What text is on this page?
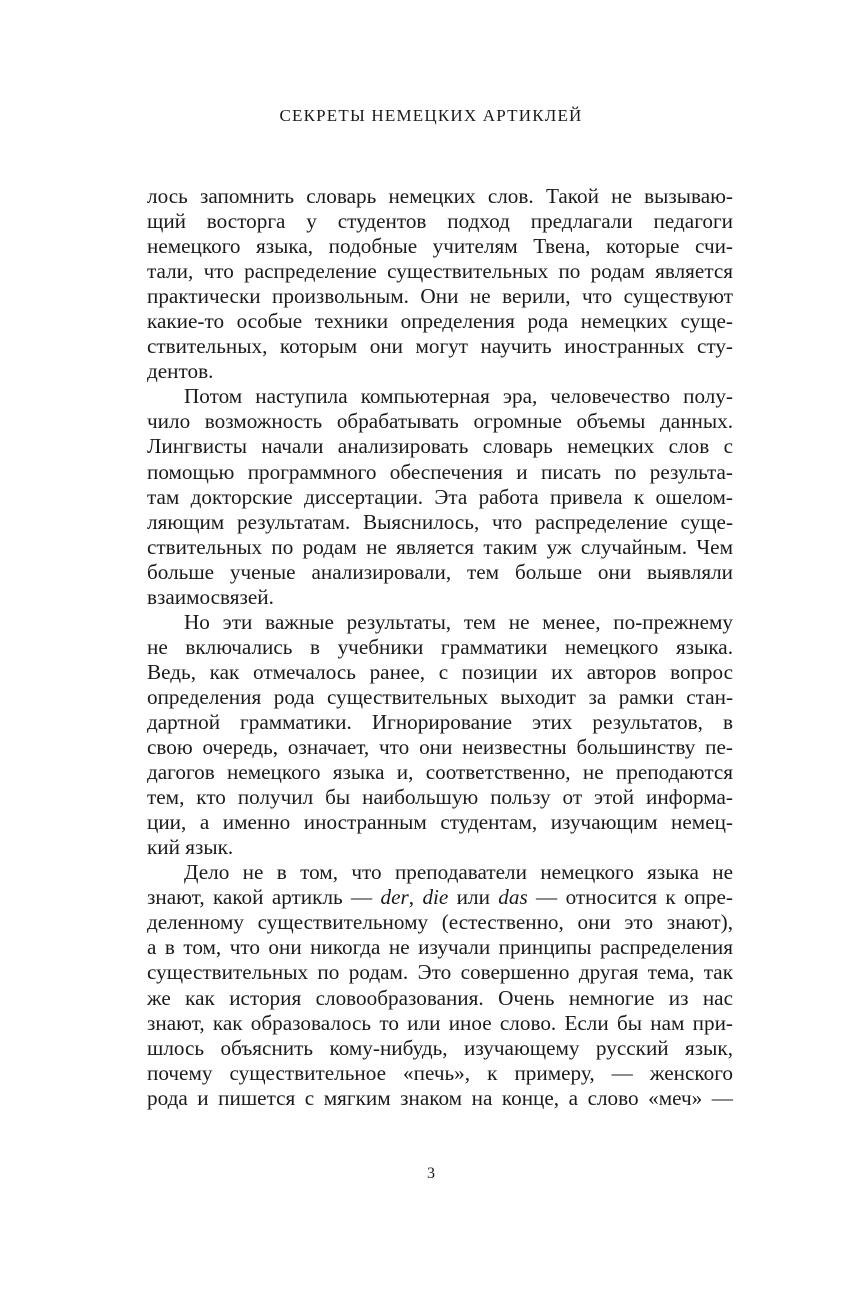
СЕКРЕТЫ НЕМЕЦКИХ АРТИКЛЕЙ
лось запомнить словарь немецких слов. Такой не вызываю-
щий восторга у студентов подход предлагали педагоги
немецкого языка, подобные учителям Твена, которые счи-
тали, что распределение существительных по родам является
практически произвольным. Они не верили, что существуют
какие-то особые техники определения рода немецких суще-
ствительных, которым они могут научить иностранных сту-
дентов.
Потом наступила компьютерная эра, человечество полу-
чило возможность обрабатывать огромные объемы данных.
Лингвисты начали анализировать словарь немецких слов с
помощью программного обеспечения и писать по результа-
там докторские диссертации. Эта работа привела к ошелом-
ляющим результатам. Выяснилось, что распределение суще-
ствительных по родам не является таким уж случайным. Чем
больше ученые анализировали, тем больше они выявляли
взаимосвязей.
Но эти важные результаты, тем не менее, по-прежнему
не включались в учебники грамматики немецкого языка.
Ведь, как отмечалось ранее, с позиции их авторов вопрос
определения рода существительных выходит за рамки стан-
дартной грамматики. Игнорирование этих результатов, в
свою очередь, означает, что они неизвестны большинству пе-
дагогов немецкого языка и, соответственно, не преподаются
тем, кто получил бы наибольшую пользу от этой информа-
ции, а именно иностранным студентам, изучающим немец-
кий язык.
Дело не в том, что преподаватели немецкого языка не
знают, какой артикль — der, die или das — относится к опре-
деленному существительному (естественно, они это знают),
а в том, что они никогда не изучали принципы распределения
существительных по родам. Это совершенно другая тема, так
же как история словообразования. Очень немногие из нас
знают, как образовалось то или иное слово. Если бы нам при-
шлось объяснить кому-нибудь, изучающему русский язык,
почему существительное «печь», к примеру, — женского
рода и пишется с мягким знаком на конце, а слово «меч» —
3
